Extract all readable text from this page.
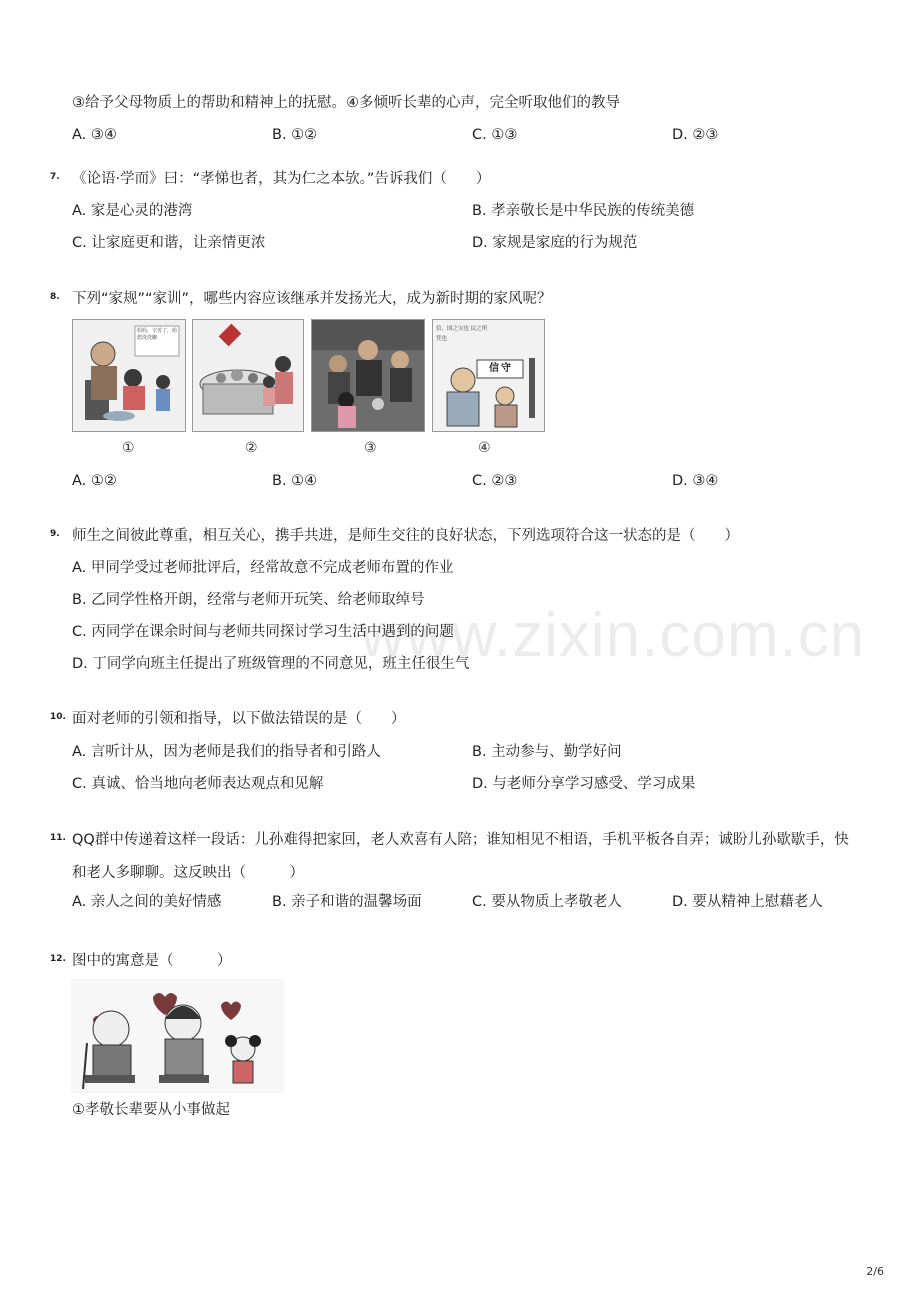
www.zixin.com.cn
③给予父母物质上的帮助和精神上的抚慰。④多倾听长辈的心声，完全听取他们的教导
A. ③④	B. ①②	C. ①③	D. ②③
7. 《论语·学而》曰：“孝悌也者，其为仁之本欤。”告诉我们（　　）
A. 家是心灵的港湾	B. 孝亲敬长是中华民族的传统美德
C. 让家庭更和谐，让亲情更浓	D. 家规是家庭的行为规范
8. 下列“家规”“家训”，哪些内容应该继承并发扬光大，成为新时期的家风呢？
妈妈，辛苦了，给您洗洗脚
信，国之宝也 民之所凭也
信守
①	②	③	④
A. ①②	B. ①④	C. ②③	D. ③④
9. 师生之间彼此尊重，相互关心，携手共进，是师生交往的良好状态，下列选项符合这一状态的是（　　）
A. 甲同学受过老师批评后，经常故意不完成老师布置的作业
B. 乙同学性格开朗，经常与老师开玩笑、给老师取绰号
C. 丙同学在课余时间与老师共同探讨学习生活中遇到的问题
D. 丁同学向班主任提出了班级管理的不同意见，班主任很生气
10. 面对老师的引领和指导，以下做法错误的是（　　）
A. 言听计从，因为老师是我们的指导者和引路人	B. 主动参与、勤学好问
C. 真诚、恰当地向老师表达观点和见解	D. 与老师分享学习感受、学习成果
11. QQ群中传递着这样一段话：儿孙难得把家回，老人欢喜有人陪；谁知相见不相语，手机平板各自弄；诚盼儿孙歇歇手，快
和老人多聊聊。这反映出（　　　）
A. 亲人之间的美好情感	B. 亲子和谐的温馨场面	C. 要从物质上孝敬老人	D. 要从精神上慰藉老人
12. 图中的寓意是（　　　）
①孝敬长辈要从小事做起
2/6
